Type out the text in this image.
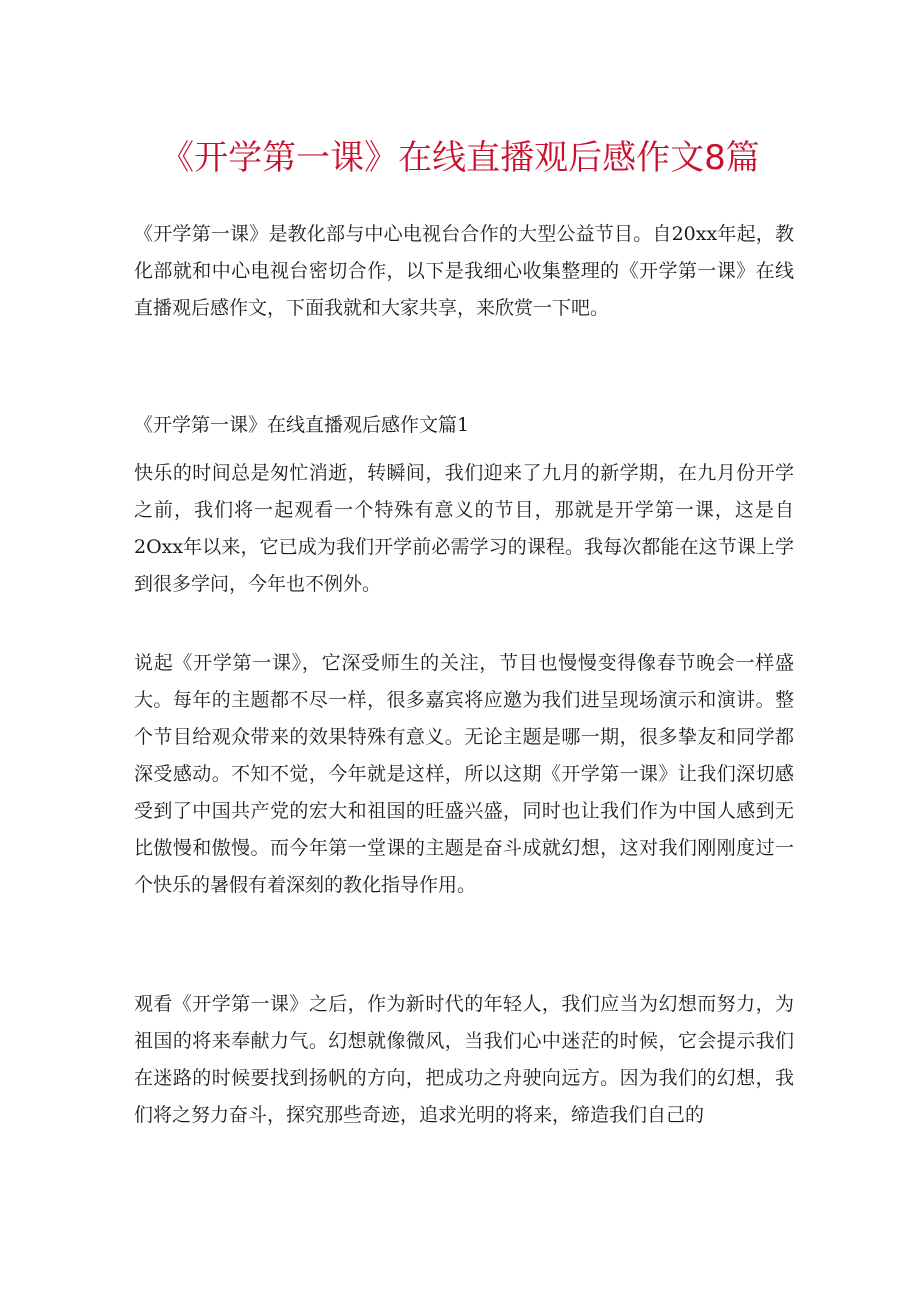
《开学第一课》在线直播观后感作文8篇

《开学第一课》是教化部与中心电视台合作的大型公益节目。自20xx年起，教化部就和中心电视台密切合作，以下是我细心收集整理的《开学第一课》在线直播观后感作文，下面我就和大家共享，来欣赏一下吧。

《开学第一课》在线直播观后感作文篇1

快乐的时间总是匆忙消逝，转瞬间，我们迎来了九月的新学期，在九月份开学之前，我们将一起观看一个特殊有意义的节目，那就是开学第一课，这是自2Oxx年以来，它已成为我们开学前必需学习的课程。我每次都能在这节课上学到很多学问，今年也不例外。

说起《开学第一课》，它深受师生的关注，节目也慢慢变得像春节晚会一样盛大。每年的主题都不尽一样，很多嘉宾将应邀为我们进呈现场演示和演讲。整个节目给观众带来的效果特殊有意义。无论主题是哪一期，很多挚友和同学都深受感动。不知不觉，今年就是这样，所以这期《开学第一课》让我们深切感受到了中国共产党的宏大和祖国的旺盛兴盛，同时也让我们作为中国人感到无比傲慢和傲慢。而今年第一堂课的主题是奋斗成就幻想，这对我们刚刚度过一个快乐的暑假有着深刻的教化指导作用。

观看《开学第一课》之后，作为新时代的年轻人，我们应当为幻想而努力，为祖国的将来奉献力气。幻想就像微风，当我们心中迷茫的时候，它会提示我们在迷路的时候要找到扬帆的方向，把成功之舟驶向远方。因为我们的幻想，我们将之努力奋斗，探究那些奇迹，追求光明的将来，缔造我们自己的
